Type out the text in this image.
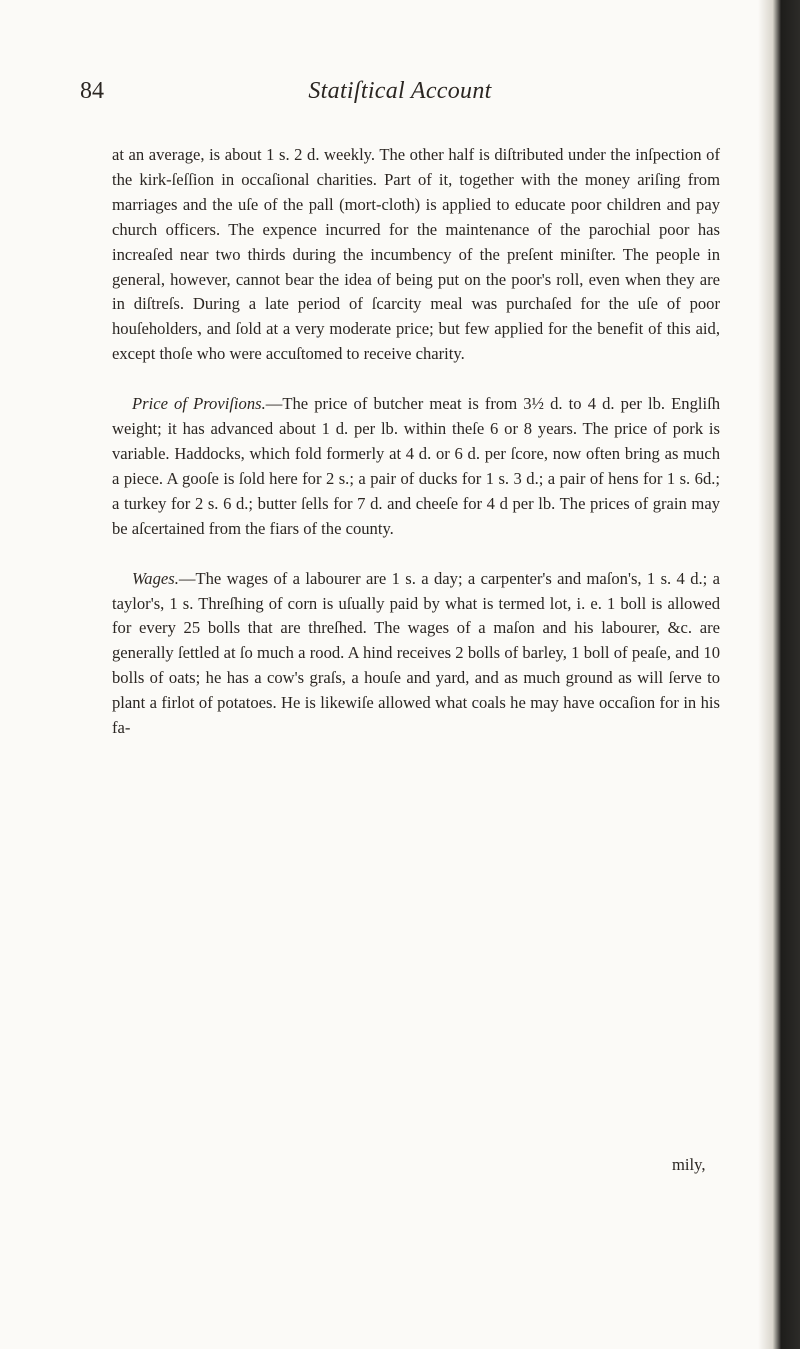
84	Statiſtical Account

at an average, is about 1 s. 2 d. weekly. The other half is diſtributed under the inſpection of the kirk-ſeſſion in occaſional charities. Part of it, together with the money ariſing from marriages and the uſe of the pall (mort-cloth) is applied to educate poor children and pay church officers. The expence incurred for the maintenance of the parochial poor has increaſed near two thirds during the incumbency of the preſent miniſter. The people in general, however, cannot bear the idea of being put on the poor's roll, even when they are in diſtreſs. During a late period of ſcarcity meal was purchaſed for the uſe of poor houſeholders, and ſold at a very moderate price; but few applied for the benefit of this aid, except thoſe who were accuſtomed to receive charity.

Price of Proviſions.—The price of butcher meat is from 3½ d. to 4 d. per lb. Engliſh weight; it has advanced about 1 d. per lb. within theſe 6 or 8 years. The price of pork is variable. Haddocks, which fold formerly at 4 d. or 6 d. per ſcore, now often bring as much a piece. A gooſe is ſold here for 2 s.; a pair of ducks for 1 s. 3 d.; a pair of hens for 1 s. 6d.; a turkey for 2 s. 6 d.; butter ſells for 7 d. and cheeſe for 4 d per lb. The prices of grain may be aſcertained from the fiars of the county.

Wages.—The wages of a labourer are 1 s. a day; a carpenter's and maſon's, 1 s. 4 d.; a taylor's, 1 s. Threſhing of corn is uſually paid by what is termed lot, i. e. 1 boll is allowed for every 25 bolls that are threſhed. The wages of a maſon and his labourer, &c. are generally ſettled at ſo much a rood. A hind receives 2 bolls of barley, 1 boll of peaſe, and 10 bolls of oats; he has a cow's graſs, a houſe and yard, and as much ground as will ſerve to plant a firlot of potatoes. He is likewiſe allowed what coals he may have occaſion for in his fa-

mily,
